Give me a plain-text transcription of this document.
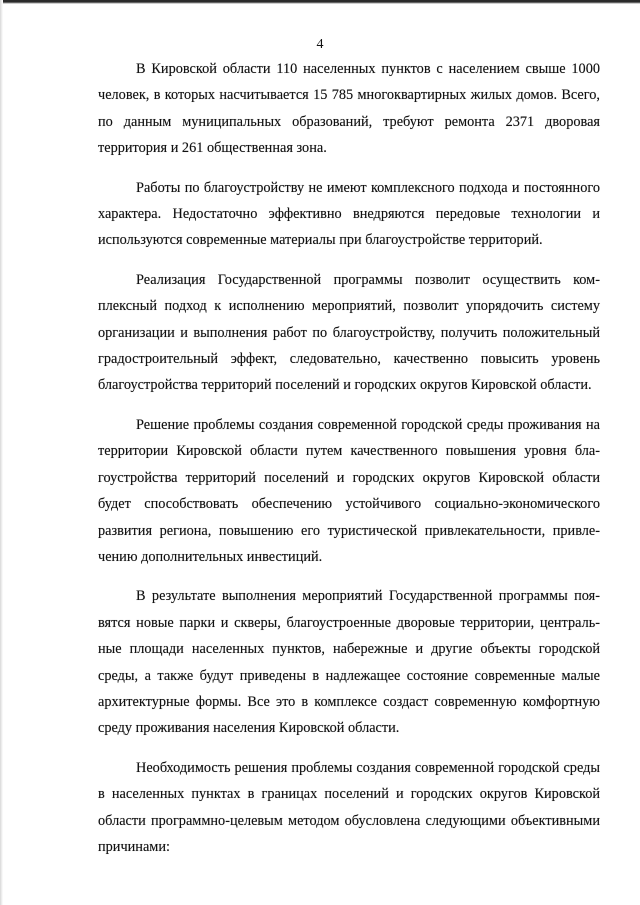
4

В Кировской области 110 населенных пунктов с населением свыше 1000 человек, в которых насчитывается 15 785 многоквартирных жилых домов. Всего, по данным муниципальных образований, требуют ремонта 2371 дворовая территория и 261 общественная зона.

Работы по благоустройству не имеют комплексного подхода и постоянного характера. Недостаточно эффективно внедряются передовые технологии и используются современные материалы при благоустройстве территорий.

Реализация Государственной программы позволит осуществить комплексный подход к исполнению мероприятий, позволит упорядочить систему организации и выполнения работ по благоустройству, получить положительный градостроительный эффект, следовательно, качественно повысить уровень благоустройства территорий поселений и городских округов Кировской области.

Решение проблемы создания современной городской среды проживания на территории Кировской области путем качественного повышения уровня благоустройства территорий поселений и городских округов Кировской области будет способствовать обеспечению устойчивого социально-экономического развития региона, повышению его туристической привлекательности, привлечению дополнительных инвестиций.

В результате выполнения мероприятий Государственной программы появятся новые парки и скверы, благоустроенные дворовые территории, центральные площади населенных пунктов, набережные и другие объекты городской среды, а также будут приведены в надлежащее состояние современные малые архитектурные формы. Все это в комплексе создаст современную комфортную среду проживания населения Кировской области.

Необходимость решения проблемы создания современной городской среды в населенных пунктах в границах поселений и городских округов Кировской области программно-целевым методом обусловлена следующими объективными причинами:
